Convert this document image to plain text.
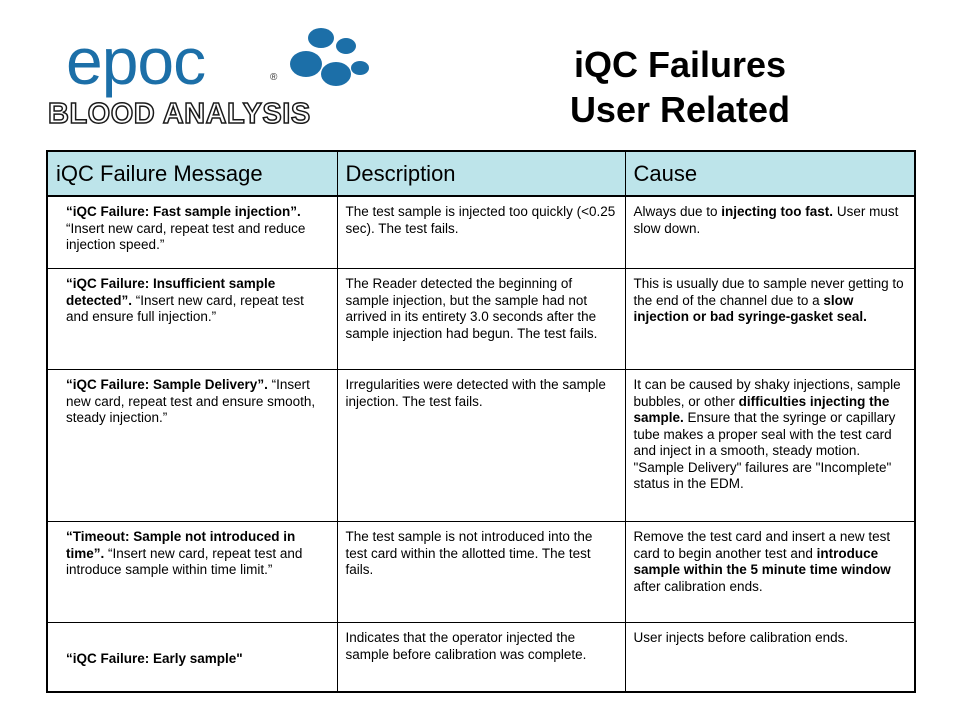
epoc	®
BLOOD ANALYSIS
iQC Failures
User Related
iQC Failure Message	Description	Cause
“iQC Failure: Fast sample injection”. “Insert new card, repeat test and reduce injection speed.”	The test sample is injected too quickly (<0.25 sec). The test fails.	Always due to injecting too fast. User must slow down.
“iQC Failure: Insufficient sample detected”. “Insert new card, repeat test and ensure full injection.”	The Reader detected the beginning of sample injection, but the sample had not arrived in its entirety 3.0 seconds after the sample injection had begun. The test fails.	This is usually due to sample never getting to the end of the channel due to a slow injection or bad syringe-gasket seal.
“iQC Failure: Sample Delivery”. “Insert new card, repeat test and ensure smooth, steady injection.”	Irregularities were detected with the sample injection. The test fails.	It can be caused by shaky injections, sample bubbles, or other difficulties injecting the sample. Ensure that the syringe or capillary tube makes a proper seal with the test card and inject in a smooth, steady motion. "Sample Delivery" failures are "Incomplete" status in the EDM.
“Timeout: Sample not introduced in time”. “Insert new card, repeat test and introduce sample within time limit.”	The test sample is not introduced into the test card within the allotted time. The test fails.	Remove the test card and insert a new test card to begin another test and introduce sample within the 5 minute time window after calibration ends.
“iQC Failure: Early sample"	Indicates that the operator injected the sample before calibration was complete.	User injects before calibration ends.
